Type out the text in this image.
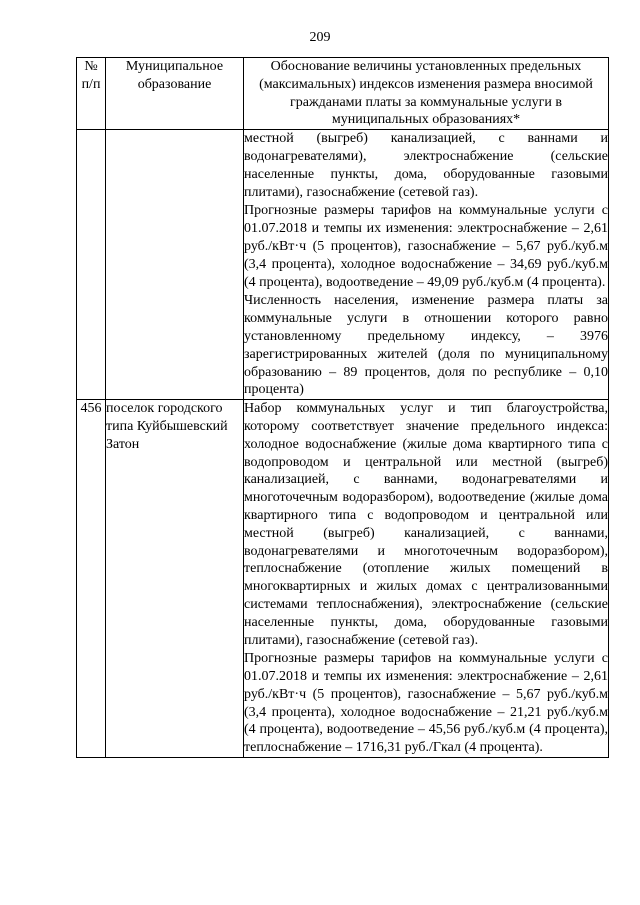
209
№ п/п	Муниципальное образование	Обоснование величины установленных предельных (максимальных) индексов изменения размера вносимой гражданами платы за коммунальные услуги в муниципальных образованиях*

		местной (выгреб) канализацией, с ваннами и водонагревателями), электроснабжение (сельские населенные пункты, дома, оборудованные газовыми плитами), газоснабжение (сетевой газ).

Прогнозные размеры тарифов на коммунальные услуги с 01.07.2018 и темпы их изменения: электроснабжение – 2,61 руб./кВт·ч (5 процентов), газоснабжение – 5,67 руб./куб.м (3,4 процента), холодное водоснабжение – 34,69 руб./куб.м (4 процента), водоотведение – 49,09 руб./куб.м (4 процента).

Численность населения, изменение размера платы за коммунальные услуги в отношении которого равно установленному предельному индексу, – 3976 зарегистрированных жителей (доля по муниципальному образованию – 89 процентов, доля по республике – 0,10 процента)

456	поселок городского типа Куйбышевский Затон	Набор коммунальных услуг и тип благоустройства, которому соответствует значение предельного индекса: холодное водоснабжение (жилые дома квартирного типа с водопроводом и центральной или местной (выгреб) канализацией, с ваннами, водонагревателями и многоточечным водоразбором), водоотведение (жилые дома квартирного типа с водопроводом и центральной или местной (выгреб) канализацией, с ваннами, водонагревателями и многоточечным водоразбором), теплоснабжение (отопление жилых помещений в многоквартирных и жилых домах с централизованными системами теплоснабжения), электроснабжение (сельские населенные пункты, дома, оборудованные газовыми плитами), газоснабжение (сетевой газ).

Прогнозные размеры тарифов на коммунальные услуги с 01.07.2018 и темпы их изменения: электроснабжение – 2,61 руб./кВт·ч (5 процентов), газоснабжение – 5,67 руб./куб.м (3,4 процента), холодное водоснабжение – 21,21 руб./куб.м (4 процента), водоотведение – 45,56 руб./куб.м (4 процента), теплоснабжение – 1716,31 руб./Гкал (4 процента).
